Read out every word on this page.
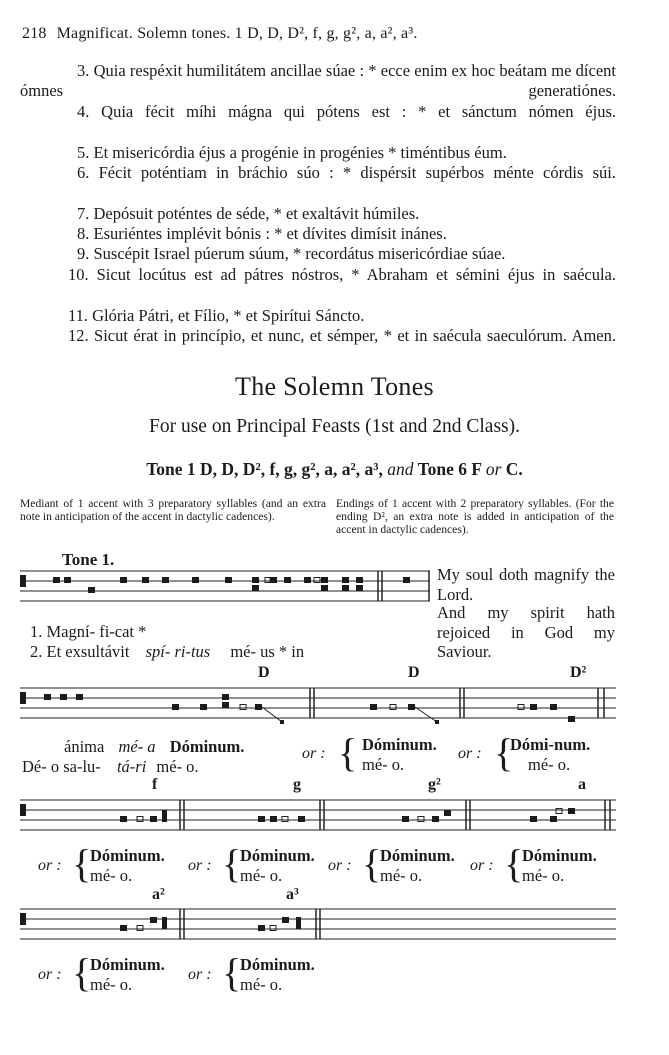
218 Magnificat. Solemn tones. 1 D, D, D², f, g, g², a, a², a³.

3. Quia respéxit humilitátem ancillae súae : * ecce enim ex hoc beátam me dícent ómnes generatiónes.

4. Quia fécit míhi mágna qui pótens est : * et sánctum nómen éjus.

5. Et misericórdia éjus a progénie in progénies * timéntibus éum.

6. Fécit poténtiam in bráchio súo : * dispérsit supérbos ménte córdis súi.

7. Depósuit poténtes de séde, * et exaltávit húmiles.

8. Esuriéntes implévit bónis : * et dívites dimísit inánes.

9. Suscépit Israel púerum súum, * recordátus misericórdiae súae.

10. Sicut locútus est ad pátres nóstros, * Abraham et sémini éjus in saécula.

11. Glória Pátri, et Fílio, * et Spirítui Sáncto.

12. Sicut érat in princípio, et nunc, et sémper, * et in saécula saeculórum. Amen.

The Solemn Tones
For use on Principal Feasts (1st and 2nd Class).
Tone 1 D, D, D², f, g, g², a, a², a³, and Tone 6 F or C.
Mediant of 1 accent with 3 preparatory syllables (and an extra note in anticipation of the accent in dactylic cadences).
Endings of 1 accent with 2 preparatory syllables. (For the ending D², an extra note is added in anticipation of the accent in dactylic cadences).
Tone 1.
My soul doth magnify the Lord.
And my spirit hath rejoiced in God my Saviour.
1. Magní- fi-cat *
2. Et exsultávit spí- ri-tus mé- us * in
D	D	D²
ánima mé- a Dóminum.
Dé- o sa-lu- tá-ri mé- o.
or : { Dóminum.
mé- o.
or : {
Dómi-num.
mé- o.
f	g	g²	a
or : {
Dóminum.
mé- o.
or : {
Dóminum.
mé- o.
or : {
Dóminum.
mé- o.
or : {
Dóminum.
mé- o.
a²	a³
or : {
Dóminum.
mé- o.
or : {
Dóminum.
mé- o.
